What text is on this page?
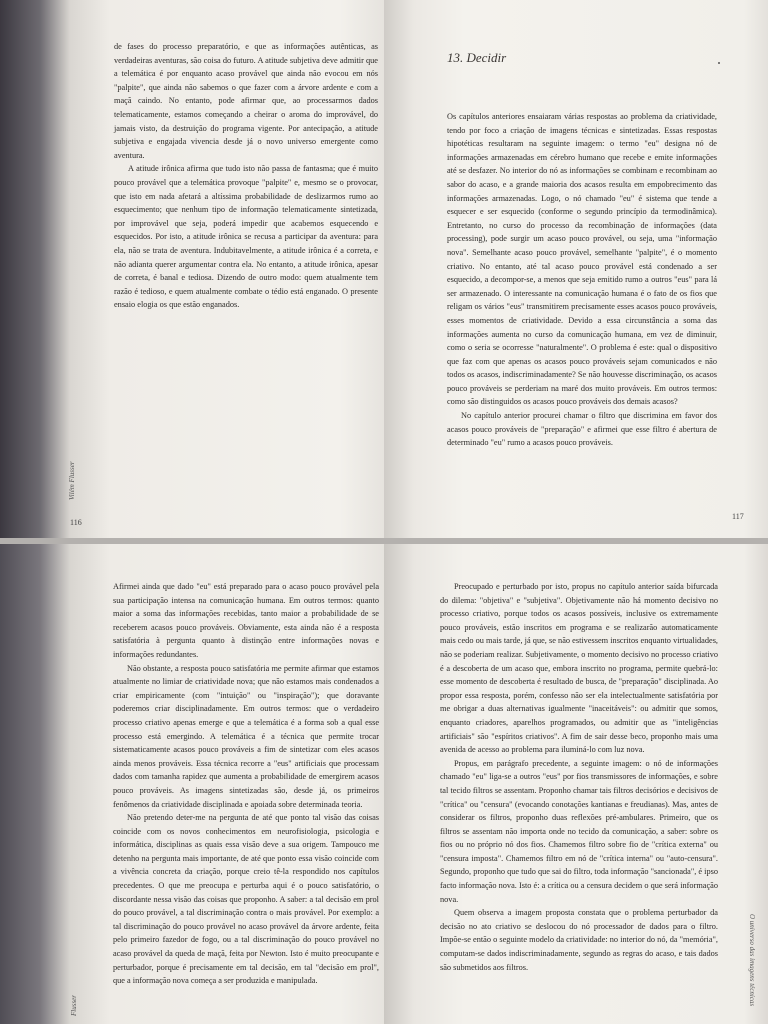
de fases do processo preparatório, e que as informações autênticas, as verdadeiras aventuras, são coisa do futuro. A atitude subjetiva deve admitir que a telemática é por enquanto acaso provável que ainda não evocou em nós "palpite", que ainda não sabemos o que fazer com a árvore ardente e com a maçã caindo. No entanto, pode afirmar que, ao processarmos dados telematicamente, estamos começando a cheirar o aroma do improvável, do jamais visto, da destruição do programa vigente. Por antecipação, a atitude subjetiva e engajada vivencia desde já o novo universo emergente como aventura.

A atitude irônica afirma que tudo isto não passa de fantasma; que é muito pouco provável que a telemática provoque "palpite" e, mesmo se o provocar, que isto em nada afetará a altíssima probabilidade de deslizarmos rumo ao esquecimento; que nenhum tipo de informação telematicamente sintetizada, por improvável que seja, poderá impedir que acabemos esquecendo e esquecidos. Por isto, a atitude irônica se recusa a participar da aventura: para ela, não se trata de aventura. Indubitavelmente, a atitude irônica é a correta, e não adianta querer argumentar contra ela. No entanto, a atitude irônica, apesar de correta, é banal e tediosa. Dizendo de outro modo: quem atualmente tem razão é tedioso, e quem atualmente combate o tédio está enganado. O presente ensaio elogia os que estão enganados.

Vilém Flusser
116
13. Decidir

Os capítulos anteriores ensaiaram várias respostas ao problema da criatividade, tendo por foco a criação de imagens técnicas e sintetizadas. Essas respostas hipotéticas resultaram na seguinte imagem: o termo "eu" designa nó de informações armazenadas em cérebro humano que recebe e emite informações até se desfazer. No interior do nó as informações se combinam e recombinam ao sabor do acaso, e a grande maioria dos acasos resulta em empobrecimento das informações armazenadas. Logo, o nó chamado "eu" é sistema que tende a esquecer e ser esquecido (conforme o segundo princípio da termodinâmica). Entretanto, no curso do processo da recombinação de informações (data processing), pode surgir um acaso pouco provável, ou seja, uma "informação nova". Semelhante acaso pouco provável, semelhante "palpite", é o momento criativo. No entanto, até tal acaso pouco provável está condenado a ser esquecido, a decompor-se, a menos que seja emitido rumo a outros "eus" para lá ser armazenado. O interessante na comunicação humana é o fato de os fios que religam os vários "eus" transmitirem precisamente esses acasos pouco prováveis, esses momentos de criatividade. Devido a essa circunstância a soma das informações aumenta no curso da comunicação humana, em vez de diminuir, como o seria se ocorresse "naturalmente". O problema é este: qual o dispositivo que faz com que apenas os acasos pouco prováveis sejam comunicados e não todos os acasos, indiscriminadamente? Se não houvesse discriminação, os acasos pouco prováveis se perderiam na maré dos muito prováveis. Em outros termos: como são distinguidos os acasos pouco prováveis dos demais acasos?

No capítulo anterior procurei chamar o filtro que discrimina em favor dos acasos pouco prováveis de "preparação" e afirmei que esse filtro é abertura de determinado "eu" rumo a acasos pouco prováveis.

117

Afirmei ainda que dado "eu" está preparado para o acaso pouco provável pela sua participação intensa na comunicação humana. Em outros termos: quanto maior a soma das informações recebidas, tanto maior a probabilidade de se receberem acasos pouco prováveis. Obviamente, esta ainda não é a resposta satisfatória à pergunta quanto à distinção entre informações novas e informações redundantes.

Não obstante, a resposta pouco satisfatória me permite afirmar que estamos atualmente no limiar de criatividade nova; que não estamos mais condenados a criar empiricamente (com "intuição" ou "inspiração"); que doravante poderemos criar disciplinadamente. Em outros termos: que o verdadeiro processo criativo apenas emerge e que a telemática é a forma sob a qual esse processo está emergindo. A telemática é a técnica que permite trocar sistematicamente acasos pouco prováveis a fim de sintetizar com eles acasos ainda menos prováveis. Essa técnica recorre a "eus" artificiais que processam dados com tamanha rapidez que aumenta a probabilidade de emergirem acasos pouco prováveis. As imagens sintetizadas são, desde já, os primeiros fenômenos da criatividade disciplinada e apoiada sobre determinada teoria.

Não pretendo deter-me na pergunta de até que ponto tal visão das coisas coincide com os novos conhecimentos em neurofisiologia, psicologia e informática, disciplinas as quais essa visão deve a sua origem. Tampouco me detenho na pergunta mais importante, de até que ponto essa visão coincide com a vivência concreta da criação, porque creio tê-la respondido nos capítulos precedentes. O que me preocupa e perturba aqui é o pouco satisfatório, o discordante nessa visão das coisas que proponho. A saber: a tal decisão em prol do pouco provável, a tal discriminação contra o mais provável. Por exemplo: a tal discriminação do pouco provável no acaso provável da árvore ardente, feita pelo primeiro fazedor de fogo, ou a tal discriminação do pouco provável no acaso provável da queda de maçã, feita por Newton. Isto é muito preocupante e perturbador, porque é precisamente em tal decisão, em tal "decisão em prol", que a informação nova começa a ser produzida e manipulada.

Flusser

Preocupado e perturbado por isto, propus no capítulo anterior saída bifurcada do dilema: "objetiva" e "subjetiva". Objetivamente não há momento decisivo no processo criativo, porque todos os acasos possíveis, inclusive os extremamente pouco prováveis, estão inscritos em programa e se realizarão automaticamente mais cedo ou mais tarde, já que, se não estivessem inscritos enquanto virtualidades, não se poderiam realizar. Subjetivamente, o momento decisivo no processo criativo é a descoberta de um acaso que, embora inscrito no programa, permite quebrá-lo: esse momento de descoberta é resultado de busca, de "preparação" disciplinada. Ao propor essa resposta, porém, confesso não ser ela intelectualmente satisfatória por me obrigar a duas alternativas igualmente "inaceitáveis": ou admitir que somos, enquanto criadores, aparelhos programados, ou admitir que as "inteligências artificiais" são "espíritos criativos". A fim de sair desse beco, proponho mais uma avenida de acesso ao problema para iluminá-lo com luz nova.

Propus, em parágrafo precedente, a seguinte imagem: o nó de informações chamado "eu" liga-se a outros "eus" por fios transmissores de informações, e sobre tal tecido filtros se assentam. Proponho chamar tais filtros decisórios e decisivos de "crítica" ou "censura" (evocando conotações kantianas e freudianas). Mas, antes de considerar os filtros, proponho duas reflexões pré-ambulares. Primeiro, que os filtros se assentam não importa onde no tecido da comunicação, a saber: sobre os fios ou no próprio nó dos fios. Chamemos filtro sobre fio de "crítica externa" ou "censura imposta". Chamemos filtro em nó de "crítica interna" ou "auto-censura". Segundo, proponho que tudo que sai do filtro, toda informação "sancionada", é ipso facto informação nova. Isto é: a crítica ou a censura decidem o que será informação nova.

Quem observa a imagem proposta constata que o problema perturbador da decisão no ato criativo se deslocou do nó processador de dados para o filtro. Impõe-se então o seguinte modelo da criatividade: no interior do nó, da "memória", computam-se dados indiscriminadamente, segundo as regras do acaso, e tais dados são submetidos aos filtros.	O universo das imagens técnicas
